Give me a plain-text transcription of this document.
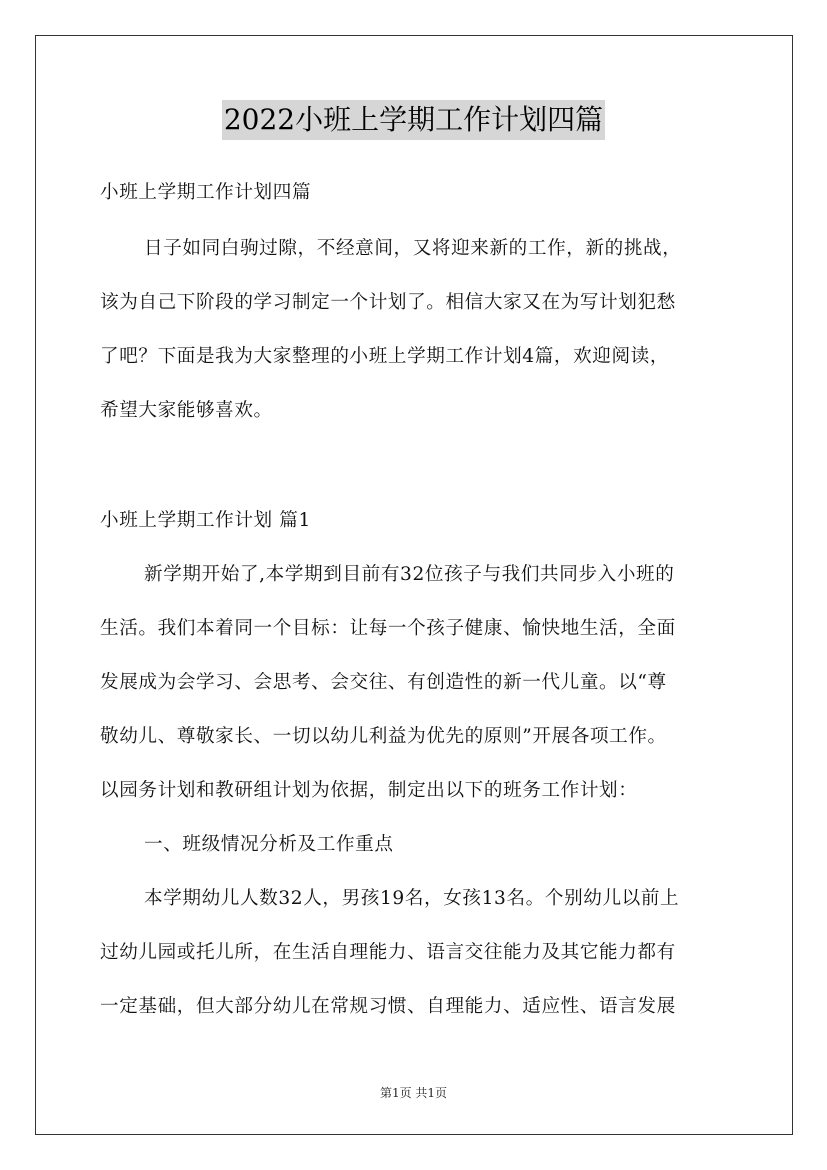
2022小班上学期工作计划四篇
小班上学期工作计划四篇
日子如同白驹过隙，不经意间，又将迎来新的工作，新的挑战，
该为自己下阶段的学习制定一个计划了。相信大家又在为写计划犯愁
了吧？下面是我为大家整理的小班上学期工作计划4篇，欢迎阅读，
希望大家能够喜欢。
小班上学期工作计划 篇1
新学期开始了,本学期到目前有32位孩子与我们共同步入小班的
生活。我们本着同一个目标：让每一个孩子健康、愉快地生活，全面
发展成为会学习、会思考、会交往、有创造性的新一代儿童。以“尊
敬幼儿、尊敬家长、一切以幼儿利益为优先的原则”开展各项工作。
以园务计划和教研组计划为依据，制定出以下的班务工作计划：
一、班级情况分析及工作重点
本学期幼儿人数32人，男孩19名，女孩13名。个别幼儿以前上
过幼儿园或托儿所，在生活自理能力、语言交往能力及其它能力都有
一定基础，但大部分幼儿在常规习惯、自理能力、适应性、语言发展
第1页 共1页
